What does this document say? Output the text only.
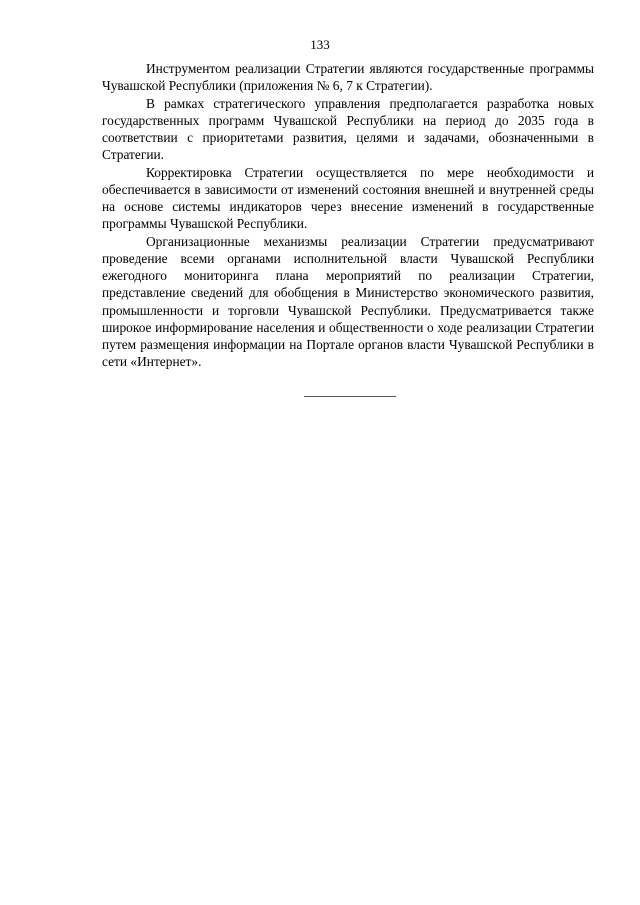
133

Инструментом реализации Стратегии являются государственные программы Чувашской Республики (приложения № 6, 7 к Стратегии).

В рамках стратегического управления предполагается разработка новых государственных программ Чувашской Республики на период до 2035 года в соответствии с приоритетами развития, целями и задачами, обозначенными в Стратегии.

Корректировка Стратегии осуществляется по мере необходимости и обеспечивается в зависимости от изменений состояния внешней и внутренней среды на основе системы индикаторов через внесение изменений в государственные программы Чувашской Республики.

Организационные механизмы реализации Стратегии предусматривают проведение всеми органами исполнительной власти Чувашской Республики ежегодного мониторинга плана мероприятий по реализации Стратегии, представление сведений для обобщения в Министерство экономического развития, промышленности и торговли Чувашской Республики. Предусматривается также широкое информирование населения и общественности о ходе реализации Стратегии путем размещения информации на Портале органов власти Чувашской Республики в сети «Интернет».
